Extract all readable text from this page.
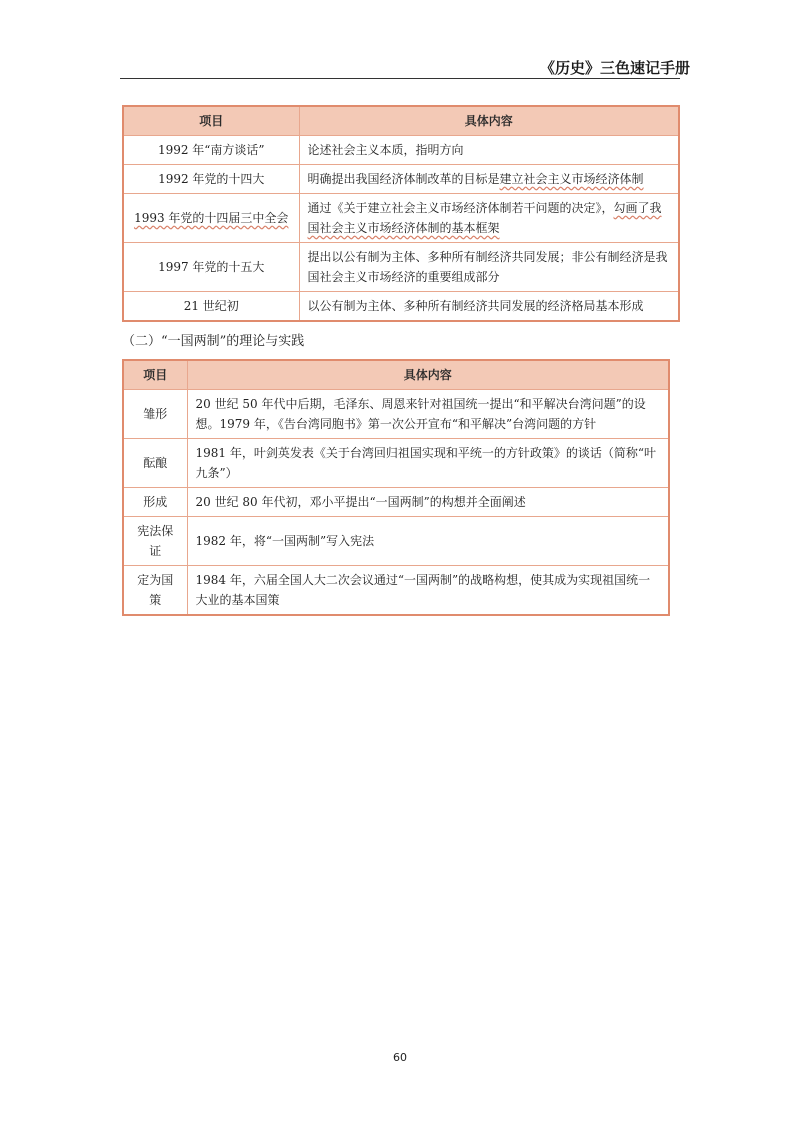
《历史》三色速记手册
项目	具体内容
1992 年“南方谈话”	论述社会主义本质，指明方向
1992 年党的十四大	明确提出我国经济体制改革的目标是建立社会主义市场经济体制
1993 年党的十四届三中全会	通过《关于建立社会主义市场经济体制若干问题的决定》，勾画了我国社会主义市场经济体制的基本框架
1997 年党的十五大	提出以公有制为主体、多种所有制经济共同发展；非公有制经济是我国社会主义市场经济的重要组成部分
21 世纪初	以公有制为主体、多种所有制经济共同发展的经济格局基本形成
（二）“一国两制”的理论与实践
项目	具体内容
雏形	20 世纪 50 年代中后期，毛泽东、周恩来针对祖国统一提出“和平解决台湾问题”的设想。1979 年，《告台湾同胞书》第一次公开宣布“和平解决”台湾问题的方针
酝酿	1981 年，叶剑英发表《关于台湾回归祖国实现和平统一的方针政策》的谈话（简称“叶九条”）
形成	20 世纪 80 年代初，邓小平提出“一国两制”的构想并全面阐述
宪法保证	1982 年，将“一国两制”写入宪法
定为国策	1984 年，六届全国人大二次会议通过“一国两制”的战略构想，使其成为实现祖国统一大业的基本国策
60
